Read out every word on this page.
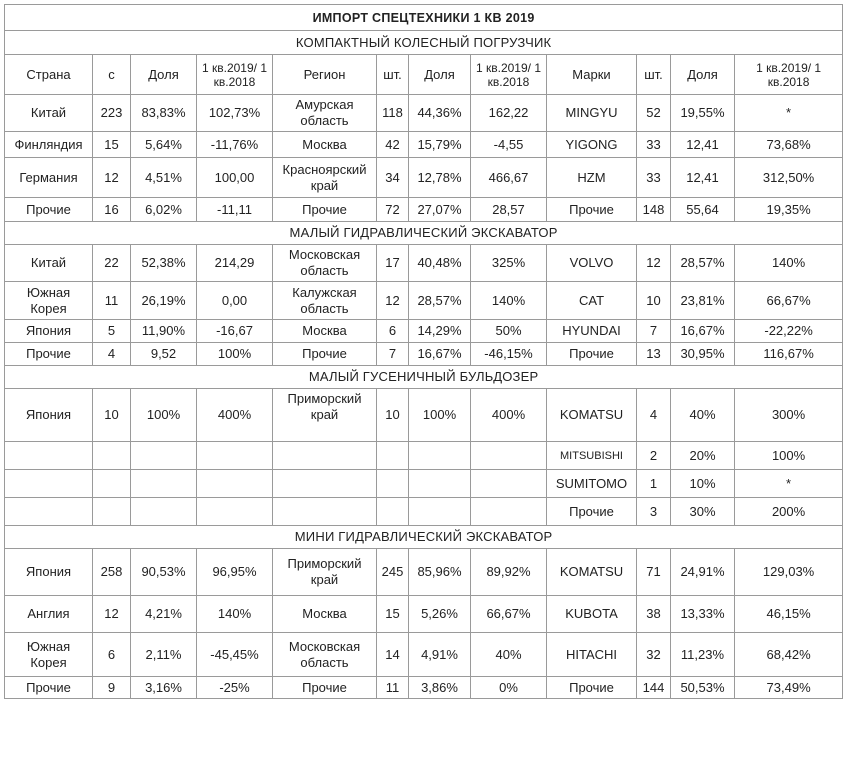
ИМПОРТ СПЕЦТЕХНИКИ 1 КВ 2019											
КОМПАКТНЫЙ КОЛЕСНЫЙ ПОГРУЗЧИК											
Страна	с	Доля	1 кв.2019/ 1 кв.2018	Регион	шт.	Доля	1 кв.2019/ 1 кв.2018	Марки	шт.	Доля	1 кв.2019/ 1 кв.2018
Китай	223	83,83%	102,73%	Амурская область	118	44,36%	162,22	MINGYU	52	19,55%	*
Финляндия	15	5,64%	-11,76%	Москва	42	15,79%	-4,55	YIGONG	33	12,41	73,68%
Германия	12	4,51%	100,00	Красноярский край	34	12,78%	466,67	HZM	33	12,41	312,50%
Прочие	16	6,02%	-11,11	Прочие	72	27,07%	28,57	Прочие	148	55,64	19,35%
МАЛЫЙ ГИДРАВЛИЧЕСКИЙ ЭКСКАВАТОР											
Китай	22	52,38%	214,29	Московская область	17	40,48%	325%	VOLVO	12	28,57%	140%
Южная Корея	11	26,19%	0,00	Калужская область	12	28,57%	140%	CAT	10	23,81%	66,67%
Япония	5	11,90%	-16,67	Москва	6	14,29%	50%	HYUNDAI	7	16,67%	-22,22%
Прочие	4	9,52	100%	Прочие	7	16,67%	-46,15%	Прочие	13	30,95%	116,67%
МАЛЫЙ ГУСЕНИЧНЫЙ БУЛЬДОЗЕР											
Япония	10	100%	400%	Приморский край	10	100%	400%	KOMATSU	4	40%	300%
								MITSUBISHI	2	20%	100%
								SUMITOMO	1	10%	*
								Прочие	3	30%	200%
МИНИ ГИДРАВЛИЧЕСКИЙ ЭКСКАВАТОР											
Япония	258	90,53%	96,95%	Приморский край	245	85,96%	89,92%	KOMATSU	71	24,91%	129,03%
Англия	12	4,21%	140%	Москва	15	5,26%	66,67%	KUBOTA	38	13,33%	46,15%
Южная Корея	6	2,11%	-45,45%	Московская область	14	4,91%	40%	HITACHI	32	11,23%	68,42%
Прочие	9	3,16%	-25%	Прочие	11	3,86%	0%	Прочие	144	50,53%	73,49%
